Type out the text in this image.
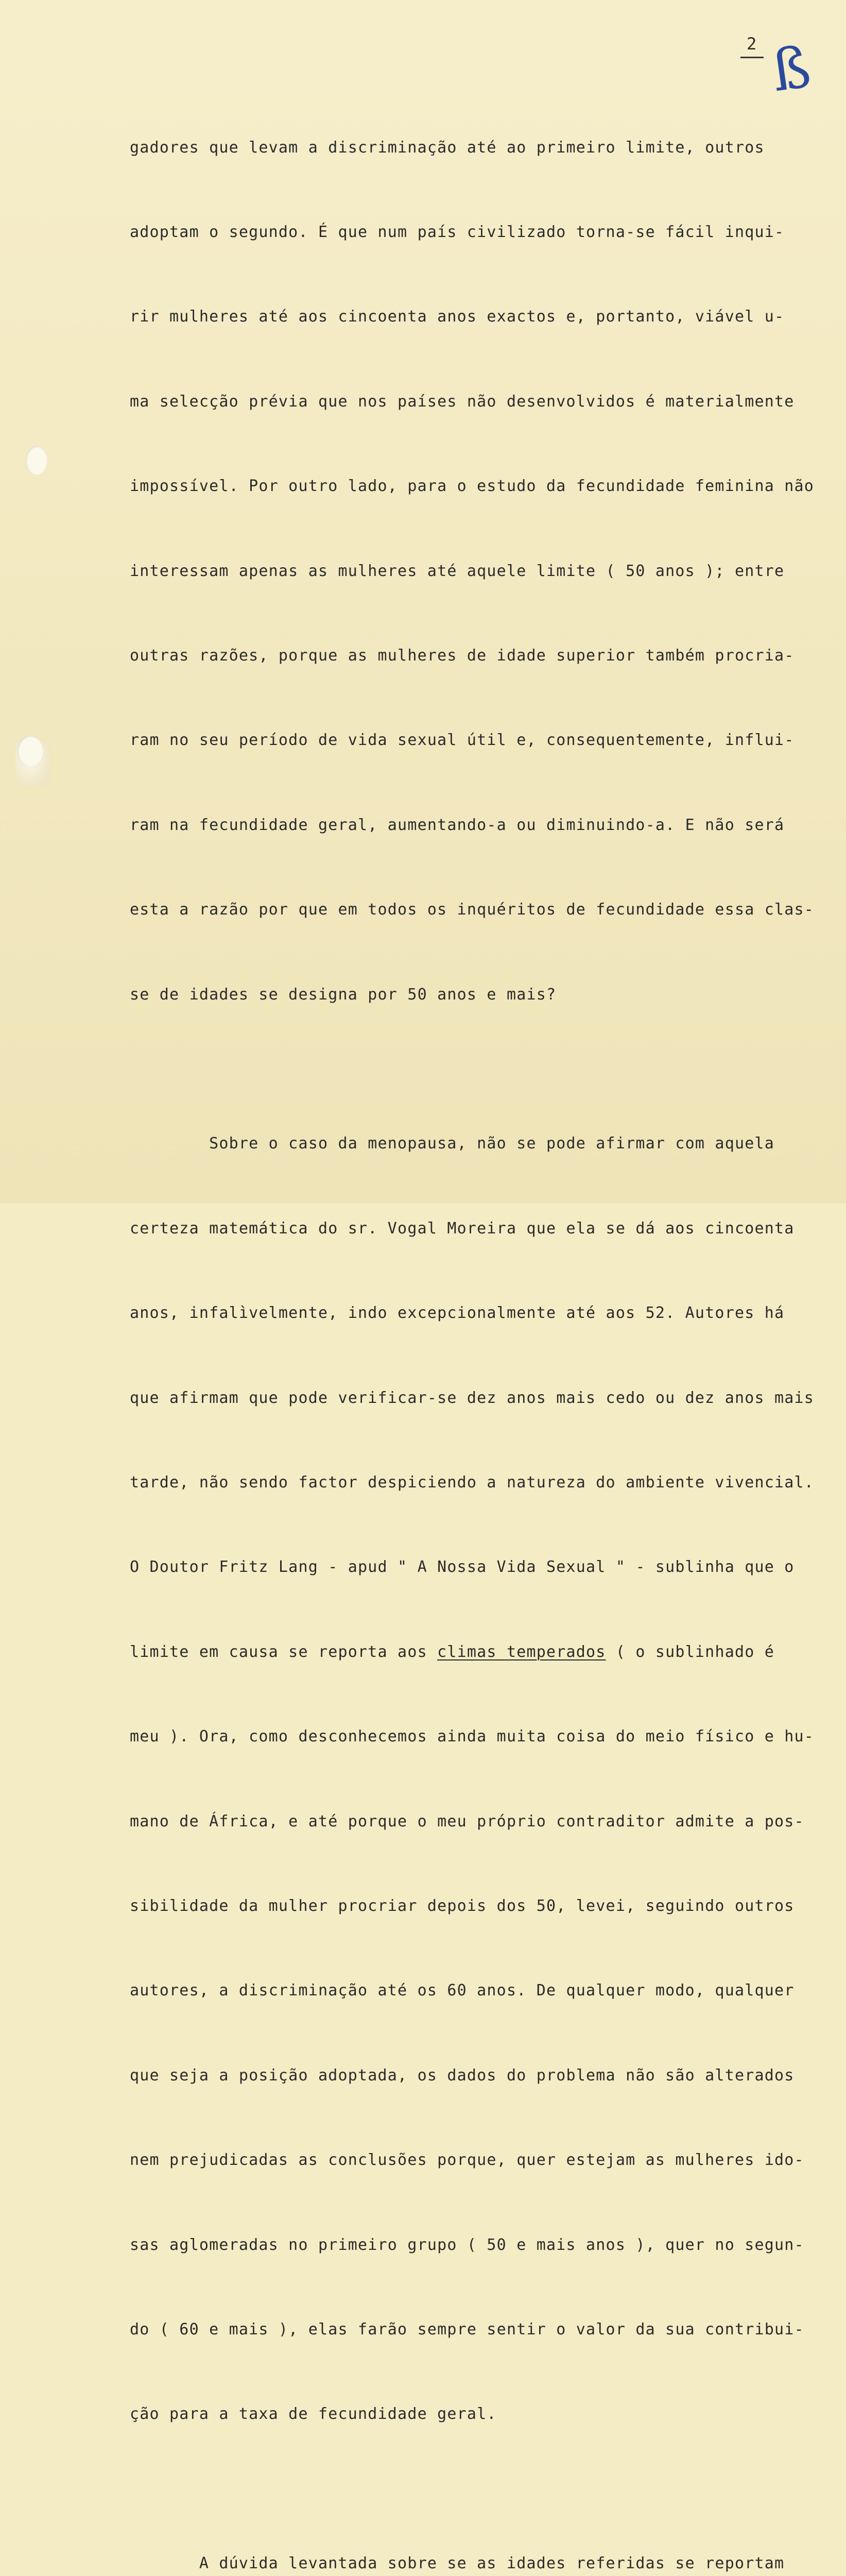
2 ß

gadores que levam a discriminação até ao primeiro limite, outros

adoptam o segundo. É que num país civilizado torna-se fácil inqui-

rir mulheres até aos cincoenta anos exactos e, portanto, viável u-

ma selecção prévia que nos países não desenvolvidos é materialmente

impossível. Por outro lado, para o estudo da fecundidade feminina não

interessam apenas as mulheres até aquele limite ( 50 anos ); entre

outras razões, porque as mulheres de idade superior também procria-

ram no seu período de vida sexual útil e, consequentemente, influi-

ram na fecundidade geral, aumentando-a ou diminuindo-a. E não será

esta a razão por que em todos os inquéritos de fecundidade essa clas-

se de idades se designa por 50 anos e mais?

Sobre o caso da menopausa, não se pode afirmar com aquela

certeza matemática do sr. Vogal Moreira que ela se dá aos cincoenta

anos, infalìvelmente, indo excepcionalmente até aos 52. Autores há

que afirmam que pode verificar-se dez anos mais cedo ou dez anos mais

tarde, não sendo factor despiciendo a natureza do ambiente vivencial.

O Doutor Fritz Lang - apud " A Nossa Vida Sexual " - sublinha que o

limite em causa se reporta aos climas temperados ( o sublinhado é

meu ). Ora, como desconhecemos ainda muita coisa do meio físico e hu-

mano de África, e até porque o meu próprio contraditor admite a pos-

sibilidade da mulher procriar depois dos 50, levei, seguindo outros

autores, a discriminação até os 60 anos. De qualquer modo, qualquer

que seja a posição adoptada, os dados do problema não são alterados

nem prejudicadas as conclusões porque, quer estejam as mulheres ido-

sas aglomeradas no primeiro grupo ( 50 e mais anos ), quer no segun-

do ( 60 e mais ), elas farão sempre sentir o valor da sua contribui-

ção para a taxa de fecundidade geral.

A dúvida levantada sobre se as idades referidas se reportam
